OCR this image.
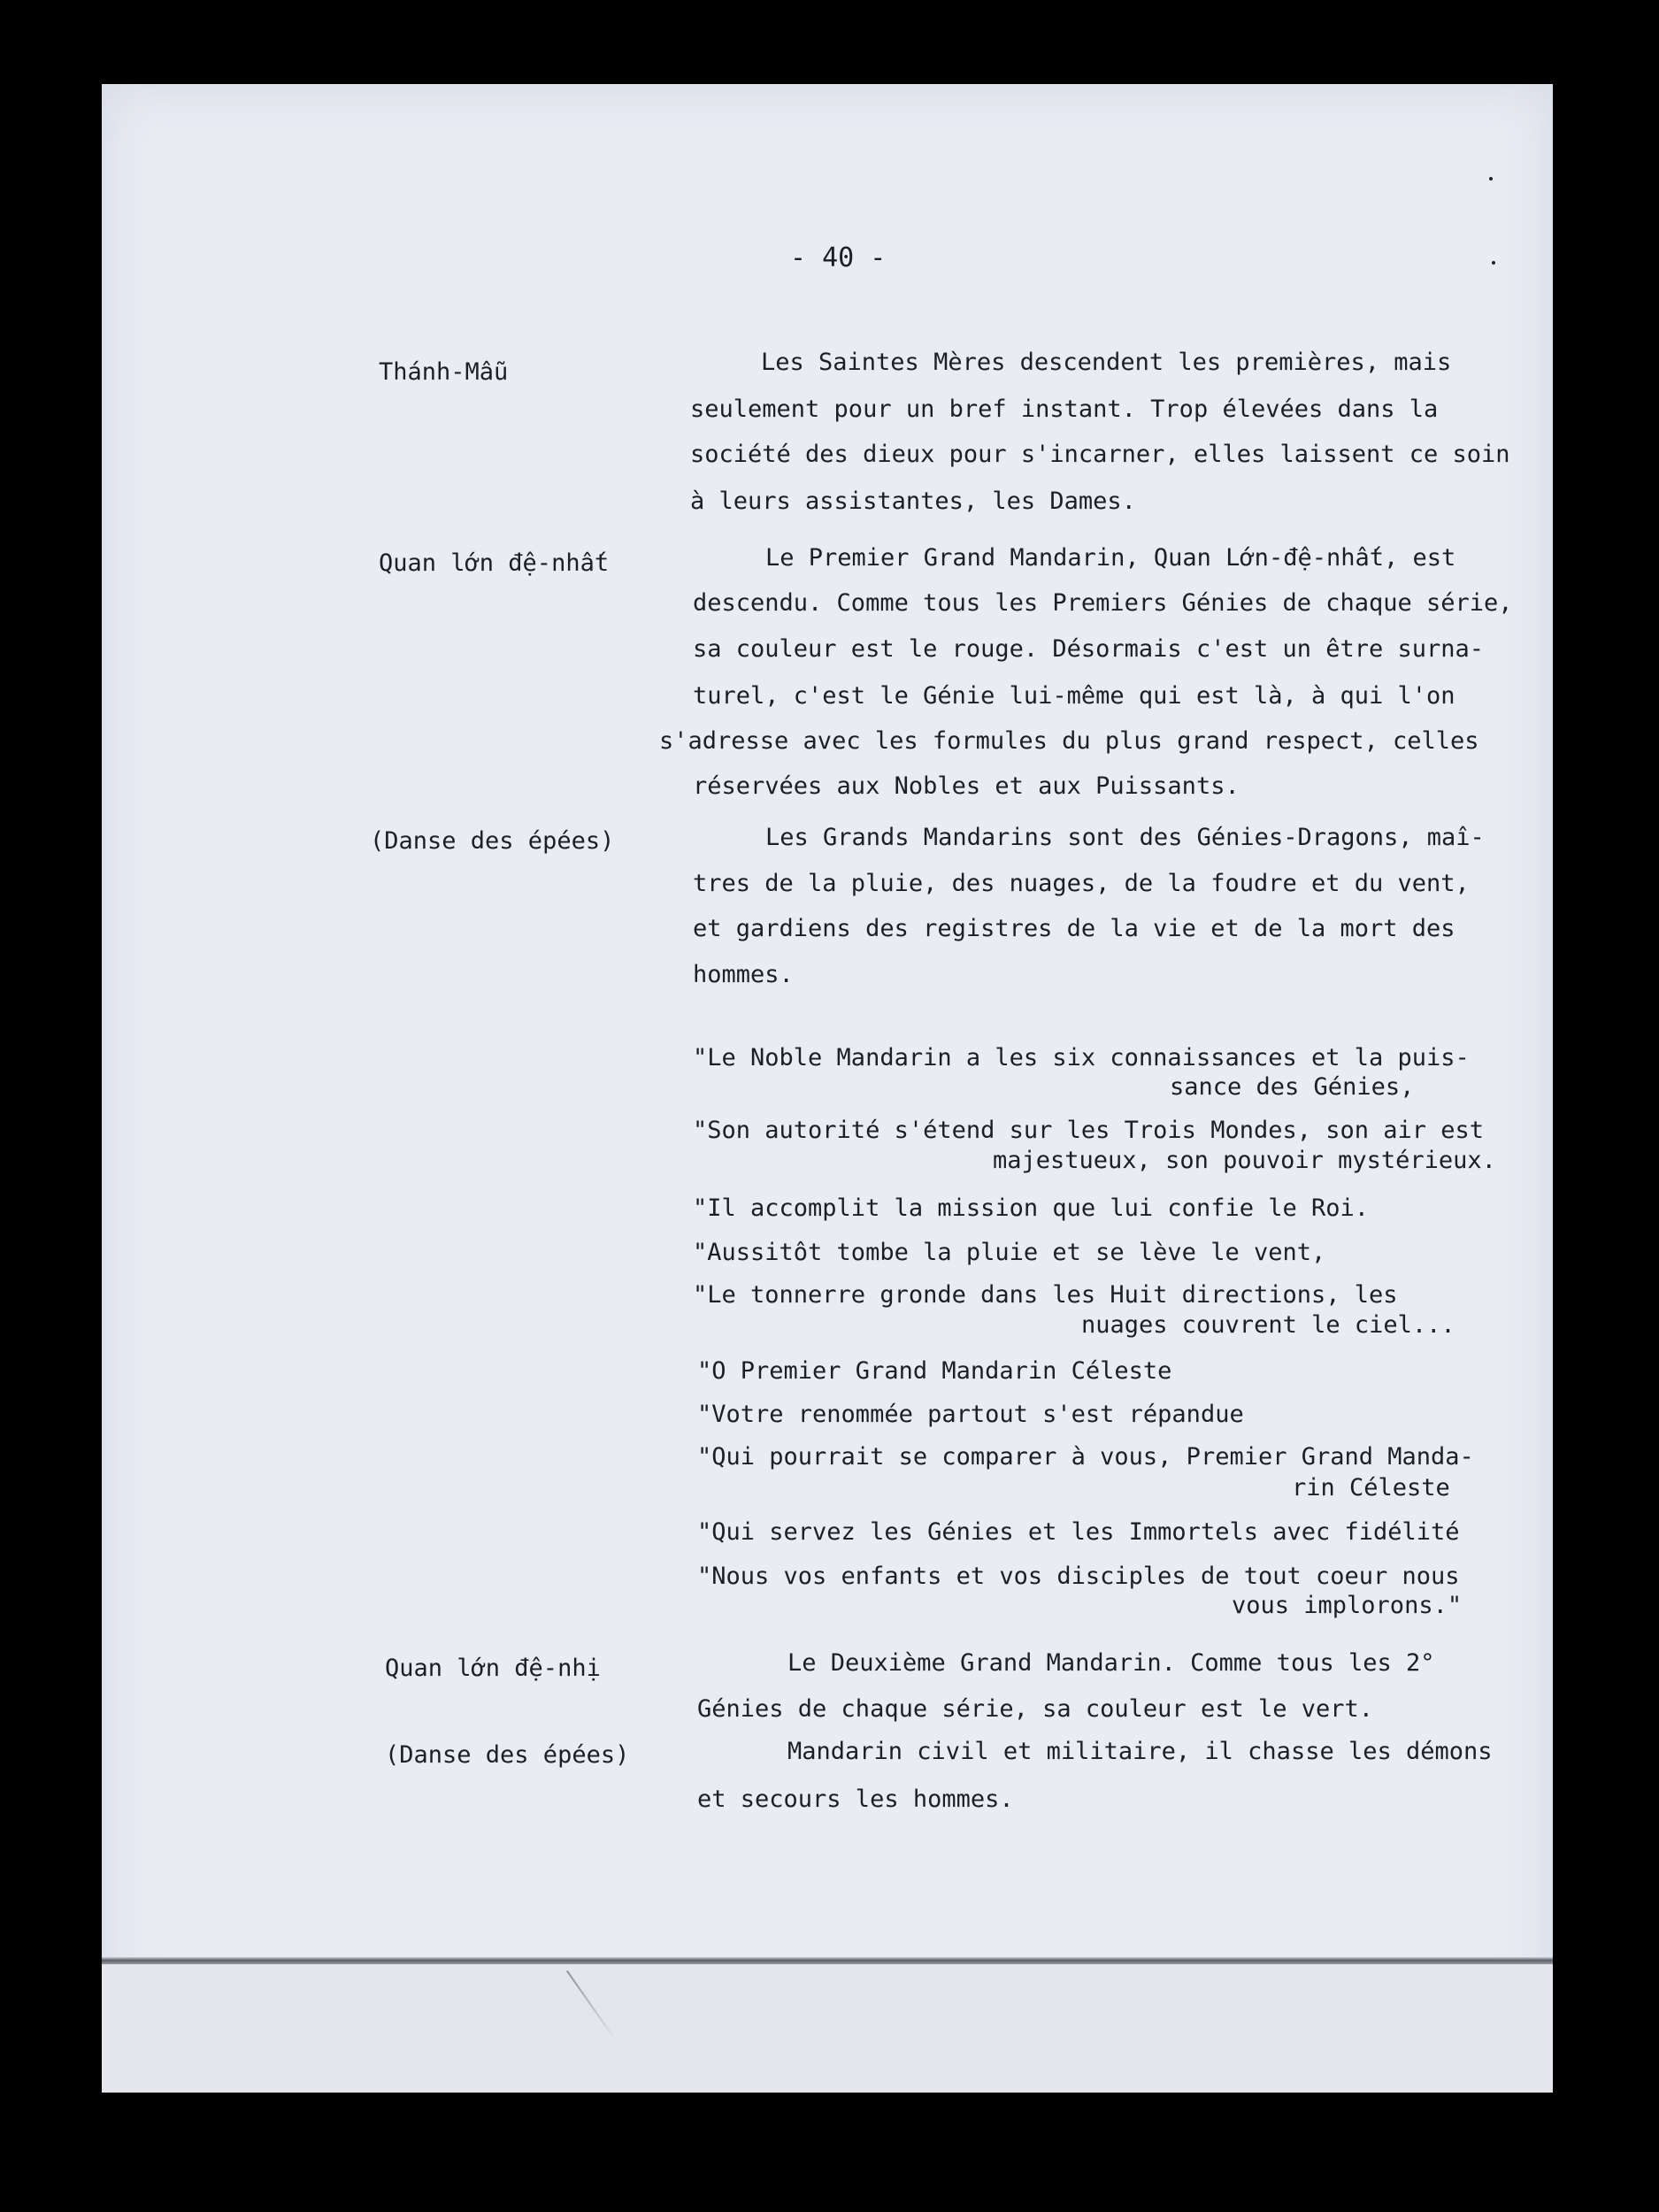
- 40 -
Thánh-Mẫu
Quan lớn đệ-nhất
(Danse des épées)
Quan lớn đệ-nhị
(Danse des épées)
Les Saintes Mères descendent les premières, mais
seulement pour un bref instant. Trop élevées dans la
société des dieux pour s'incarner, elles laissent ce soin
à leurs assistantes, les Dames.
Le Premier Grand Mandarin, Quan Lớn-đệ-nhất, est
descendu. Comme tous les Premiers Génies de chaque série,
sa couleur est le rouge. Désormais c'est un être surna-
turel, c'est le Génie lui-même qui est là, à qui l'on
s'adresse avec les formules du plus grand respect, celles
réservées aux Nobles et aux Puissants.
Les Grands Mandarins sont des Génies-Dragons, maî-
tres de la pluie, des nuages, de la foudre et du vent,
et gardiens des registres de la vie et de la mort des
hommes.
"Le Noble Mandarin a les six connaissances et la puis-
sance des Génies,
"Son autorité s'étend sur les Trois Mondes, son air est
majestueux, son pouvoir mystérieux.
"Il accomplit la mission que lui confie le Roi.
"Aussitôt tombe la pluie et se lève le vent,
"Le tonnerre gronde dans les Huit directions, les
nuages couvrent le ciel...
"O Premier Grand Mandarin Céleste
"Votre renommée partout s'est répandue
"Qui pourrait se comparer à vous, Premier Grand Manda-
rin Céleste
"Qui servez les Génies et les Immortels avec fidélité
"Nous vos enfants et vos disciples de tout coeur nous
vous implorons."
Le Deuxième Grand Mandarin. Comme tous les 2°
Génies de chaque série, sa couleur est le vert.
Mandarin civil et militaire, il chasse les démons
et secours les hommes.
